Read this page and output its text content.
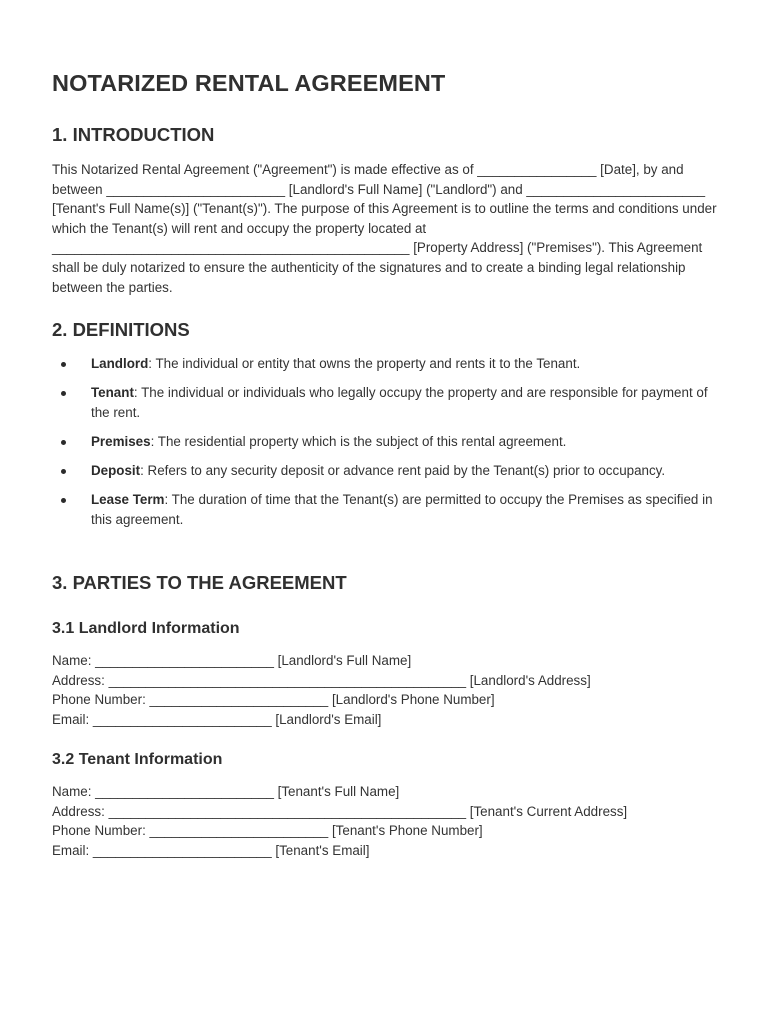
NOTARIZED RENTAL AGREEMENT
1. INTRODUCTION

This Notarized Rental Agreement ("Agreement") is made effective as of ________________ [Date], by and between ________________________ [Landlord's Full Name] ("Landlord") and ________________________ [Tenant's Full Name(s)] ("Tenant(s)"). The purpose of this Agreement is to outline the terms and conditions under which the Tenant(s) will rent and occupy the property located at ________________________________________________ [Property Address] ("Premises"). This Agreement shall be duly notarized to ensure the authenticity of the signatures and to create a binding legal relationship between the parties.

2. DEFINITIONS
Landlord: The individual or entity that owns the property and rents it to the Tenant.
Tenant: The individual or individuals who legally occupy the property and are responsible for payment of the rent.
Premises: The residential property which is the subject of this rental agreement.
Deposit: Refers to any security deposit or advance rent paid by the Tenant(s) prior to occupancy.
Lease Term: The duration of time that the Tenant(s) are permitted to occupy the Premises as specified in this agreement.
3. PARTIES TO THE AGREEMENT
3.1 Landlord Information
Name: ________________________ [Landlord's Full Name]
Address: ________________________________________________ [Landlord's Address]
Phone Number: ________________________ [Landlord's Phone Number]
Email: ________________________ [Landlord's Email]
3.2 Tenant Information
Name: ________________________ [Tenant's Full Name]
Address: ________________________________________________ [Tenant's Current Address]
Phone Number: ________________________ [Tenant's Phone Number]
Email: ________________________ [Tenant's Email]
